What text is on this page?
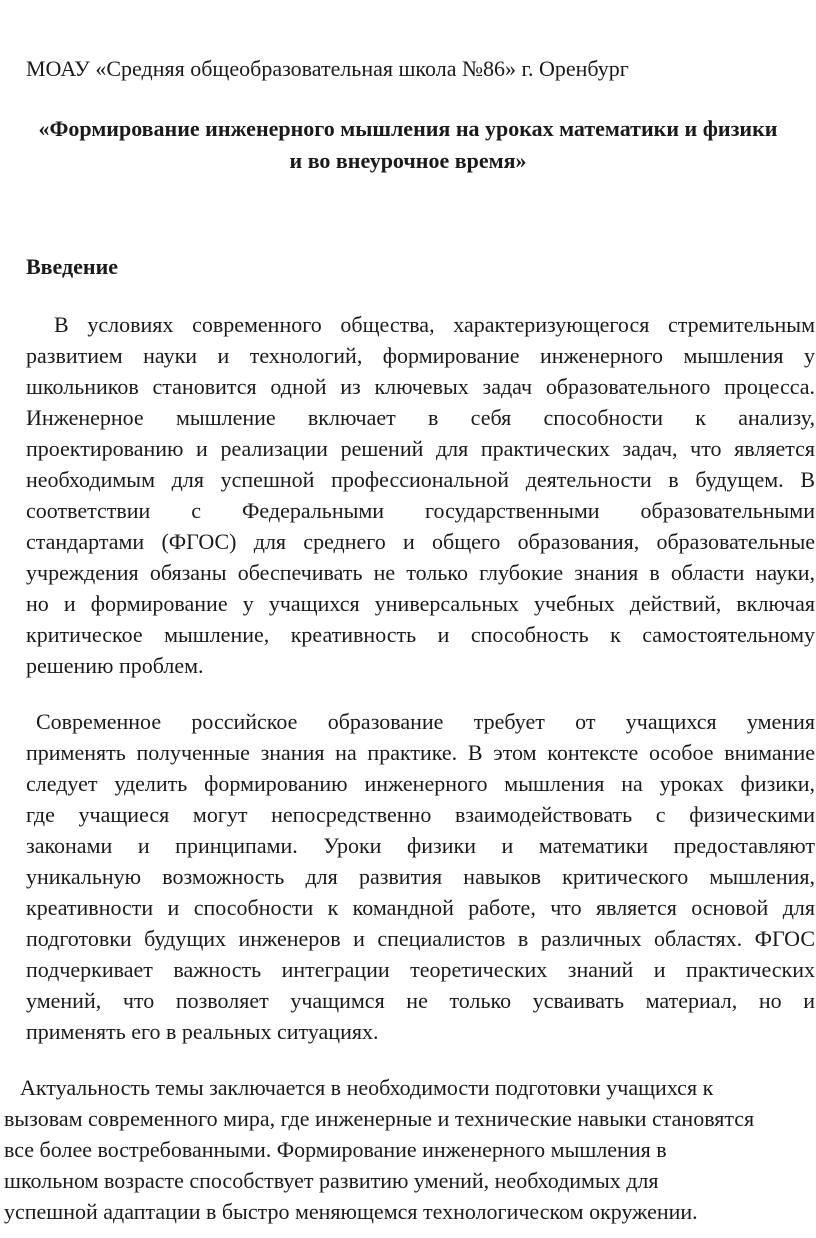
МОАУ «Средняя общеобразовательная школа №86» г. Оренбург
«Формирование инженерного мышления на уроках математики и физики
и во внеурочное время»
Введение
В условиях современного общества, характеризующегося стремительным
развитием науки и технологий, формирование инженерного мышления у
школьников становится одной из ключевых задач образовательного процесса.
Инженерное мышление включает в себя способности к анализу,
проектированию и реализации решений для практических задач, что является
необходимым для успешной профессиональной деятельности в будущем. В
соответствии с Федеральными государственными образовательными
стандартами (ФГОС) для среднего и общего образования, образовательные
учреждения обязаны обеспечивать не только глубокие знания в области науки,
но и формирование у учащихся универсальных учебных действий, включая
критическое мышление, креативность и способность к самостоятельному
решению проблем.
Современное российское образование требует от учащихся умения
применять полученные знания на практике. В этом контексте особое внимание
следует уделить формированию инженерного мышления на уроках физики,
где учащиеся могут непосредственно взаимодействовать с физическими
законами и принципами. Уроки физики и математики предоставляют
уникальную возможность для развития навыков критического мышления,
креативности и способности к командной работе, что является основой для
подготовки будущих инженеров и специалистов в различных областях. ФГОС
подчеркивает важность интеграции теоретических знаний и практических
умений, что позволяет учащимся не только усваивать материал, но и
применять его в реальных ситуациях.
Актуальность темы заключается в необходимости подготовки учащихся к
вызовам современного мира, где инженерные и технические навыки становятся
все более востребованными. Формирование инженерного мышления в
школьном возрасте способствует развитию умений, необходимых для
успешной адаптации в быстро меняющемся технологическом окружении.
